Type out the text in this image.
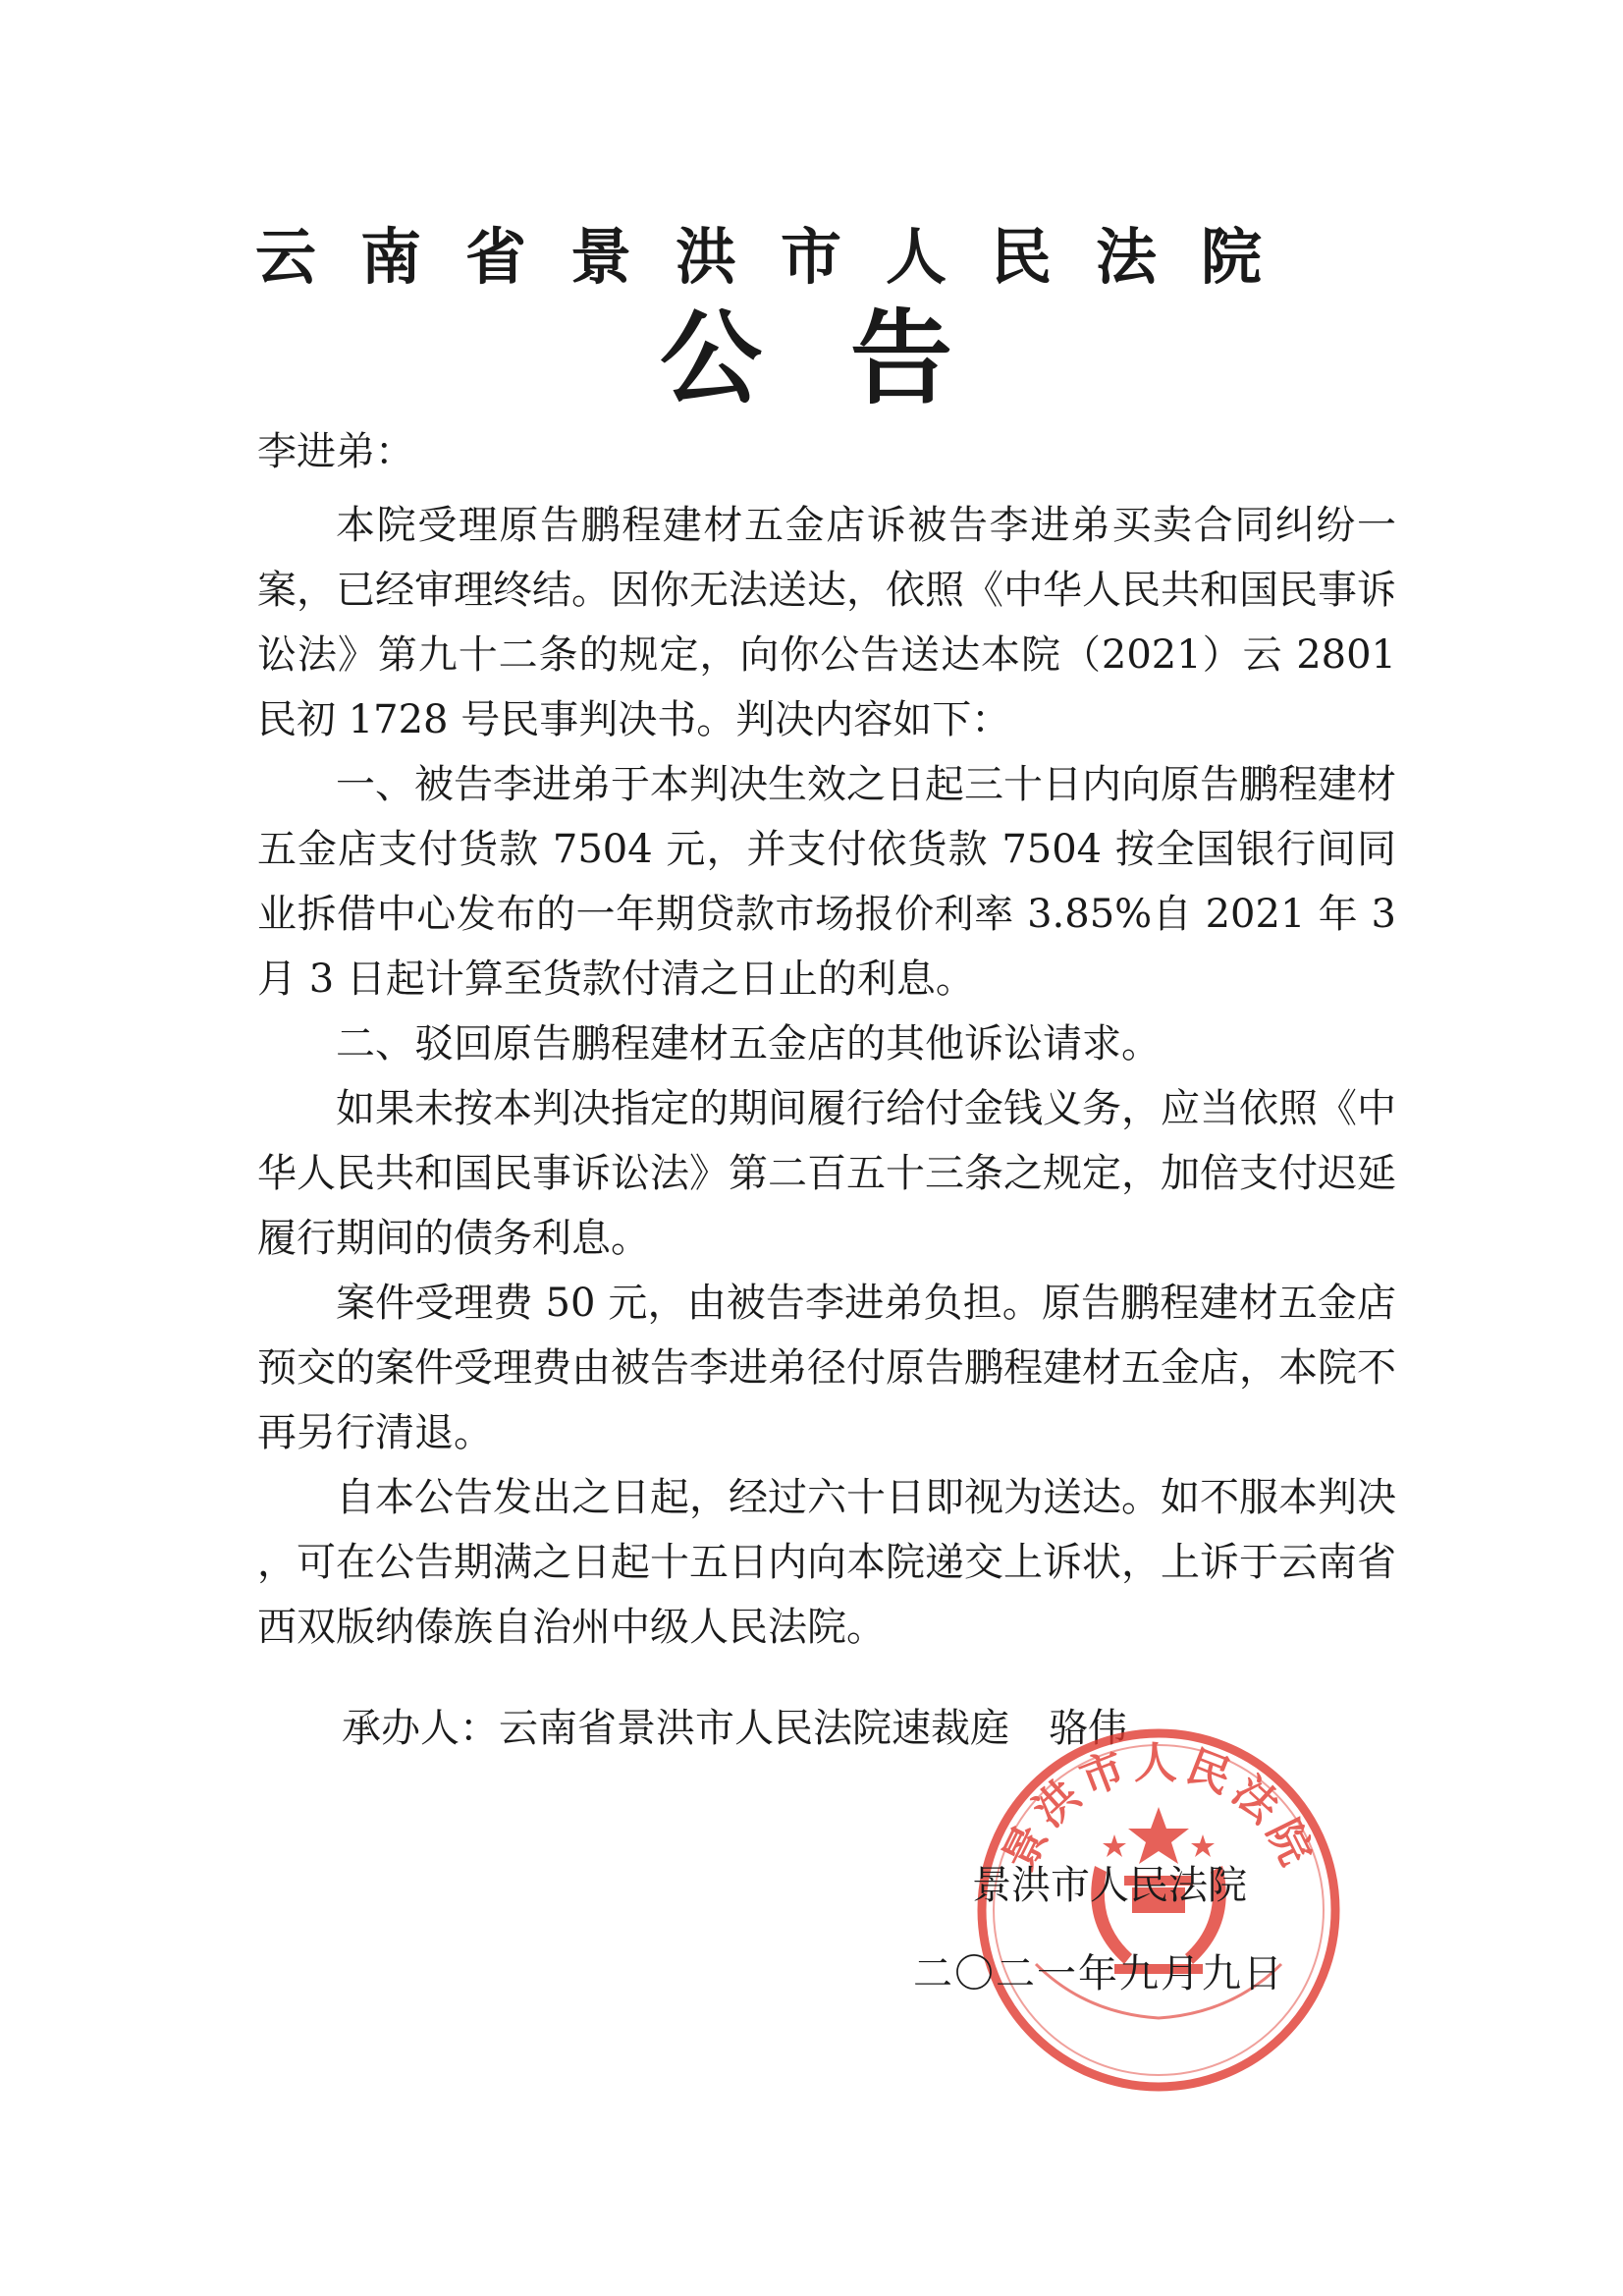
云南省景洪市人民法院
公告
李进弟：

本院受理原告鹏程建材五金店诉被告李进弟买卖合同纠纷一案，已经审理终结。因你无法送达，依照《中华人民共和国民事诉讼法》第九十二条的规定，向你公告送达本院（2021）云 2801 民初 1728 号民事判决书。判决内容如下：

一、被告李进弟于本判决生效之日起三十日内向原告鹏程建材五金店支付货款 7504 元，并支付依货款 7504 按全国银行间同业拆借中心发布的一年期贷款市场报价利率 3.85%自 2021 年 3 月 3 日起计算至货款付清之日止的利息。

二、驳回原告鹏程建材五金店的其他诉讼请求。

如果未按本判决指定的期间履行给付金钱义务，应当依照《中华人民共和国民事诉讼法》第二百五十三条之规定，加倍支付迟延履行期间的债务利息。

案件受理费 50 元，由被告李进弟负担。原告鹏程建材五金店预交的案件受理费由被告李进弟径付原告鹏程建材五金店，本院不再另行清退。

自本公告发出之日起，经过六十日即视为送达。如不服本判决 ，可在公告期满之日起十五日内向本院递交上诉状，上诉于云南省西双版纳傣族自治州中级人民法院。

承办人：云南省景洪市人民法院速裁庭 骆伟
景洪市人民法院
景洪市人民法院
二〇二一年九月九日
